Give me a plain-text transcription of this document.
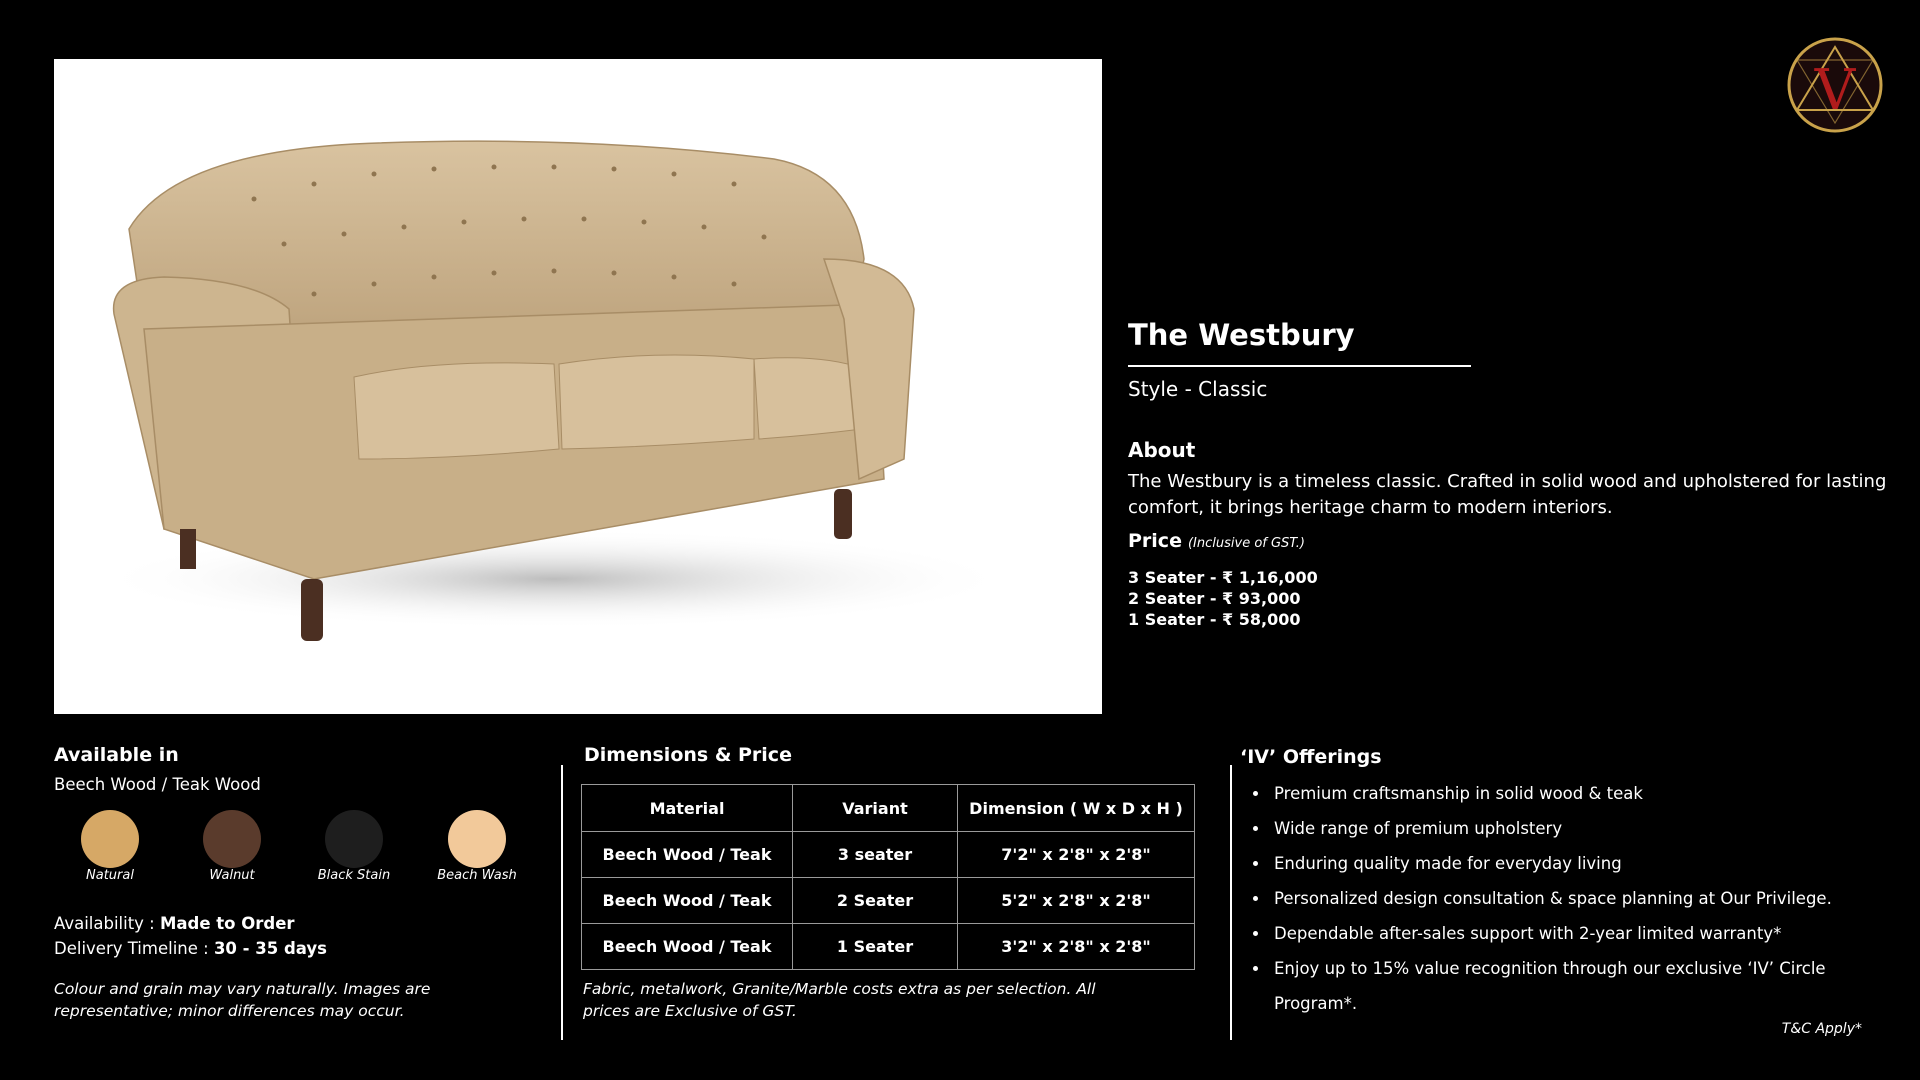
V
The Westbury
Style - Classic
About
The Westbury is a timeless classic. Crafted in solid wood and upholstered for lasting comfort, it brings heritage charm to modern interiors.
Price (Inclusive of GST.)
3 Seater - ₹ 1,16,000
2 Seater - ₹ 93,000
1 Seater - ₹ 58,000
Available in
Beech Wood / Teak Wood
Natural	Walnut	Black Stain	Beach Wash
Availability : Made to Order
Delivery Timeline : 30 - 35 days
Colour and grain may vary naturally. Images are representative; minor differences may occur.
Dimensions & Price
Material	Variant	Dimension ( W x D x H )
Beech Wood / Teak	3 seater	7'2" x 2'8" x 2'8"
Beech Wood / Teak	2 Seater	5'2" x 2'8" x 2'8"
Beech Wood / Teak	1 Seater	3'2" x 2'8" x 2'8"
Fabric, metalwork, Granite/Marble costs extra as per selection. All prices are Exclusive of GST.
‘IV’ Offerings
• Premium craftsmanship in solid wood & teak
• Wide range of premium upholstery
• Enduring quality made for everyday living
• Personalized design consultation & space planning at Our Privilege.
• Dependable after-sales support with 2-year limited warranty*
• Enjoy up to 15% value recognition through our exclusive ‘IV’ Circle Program*.
T&C Apply*
